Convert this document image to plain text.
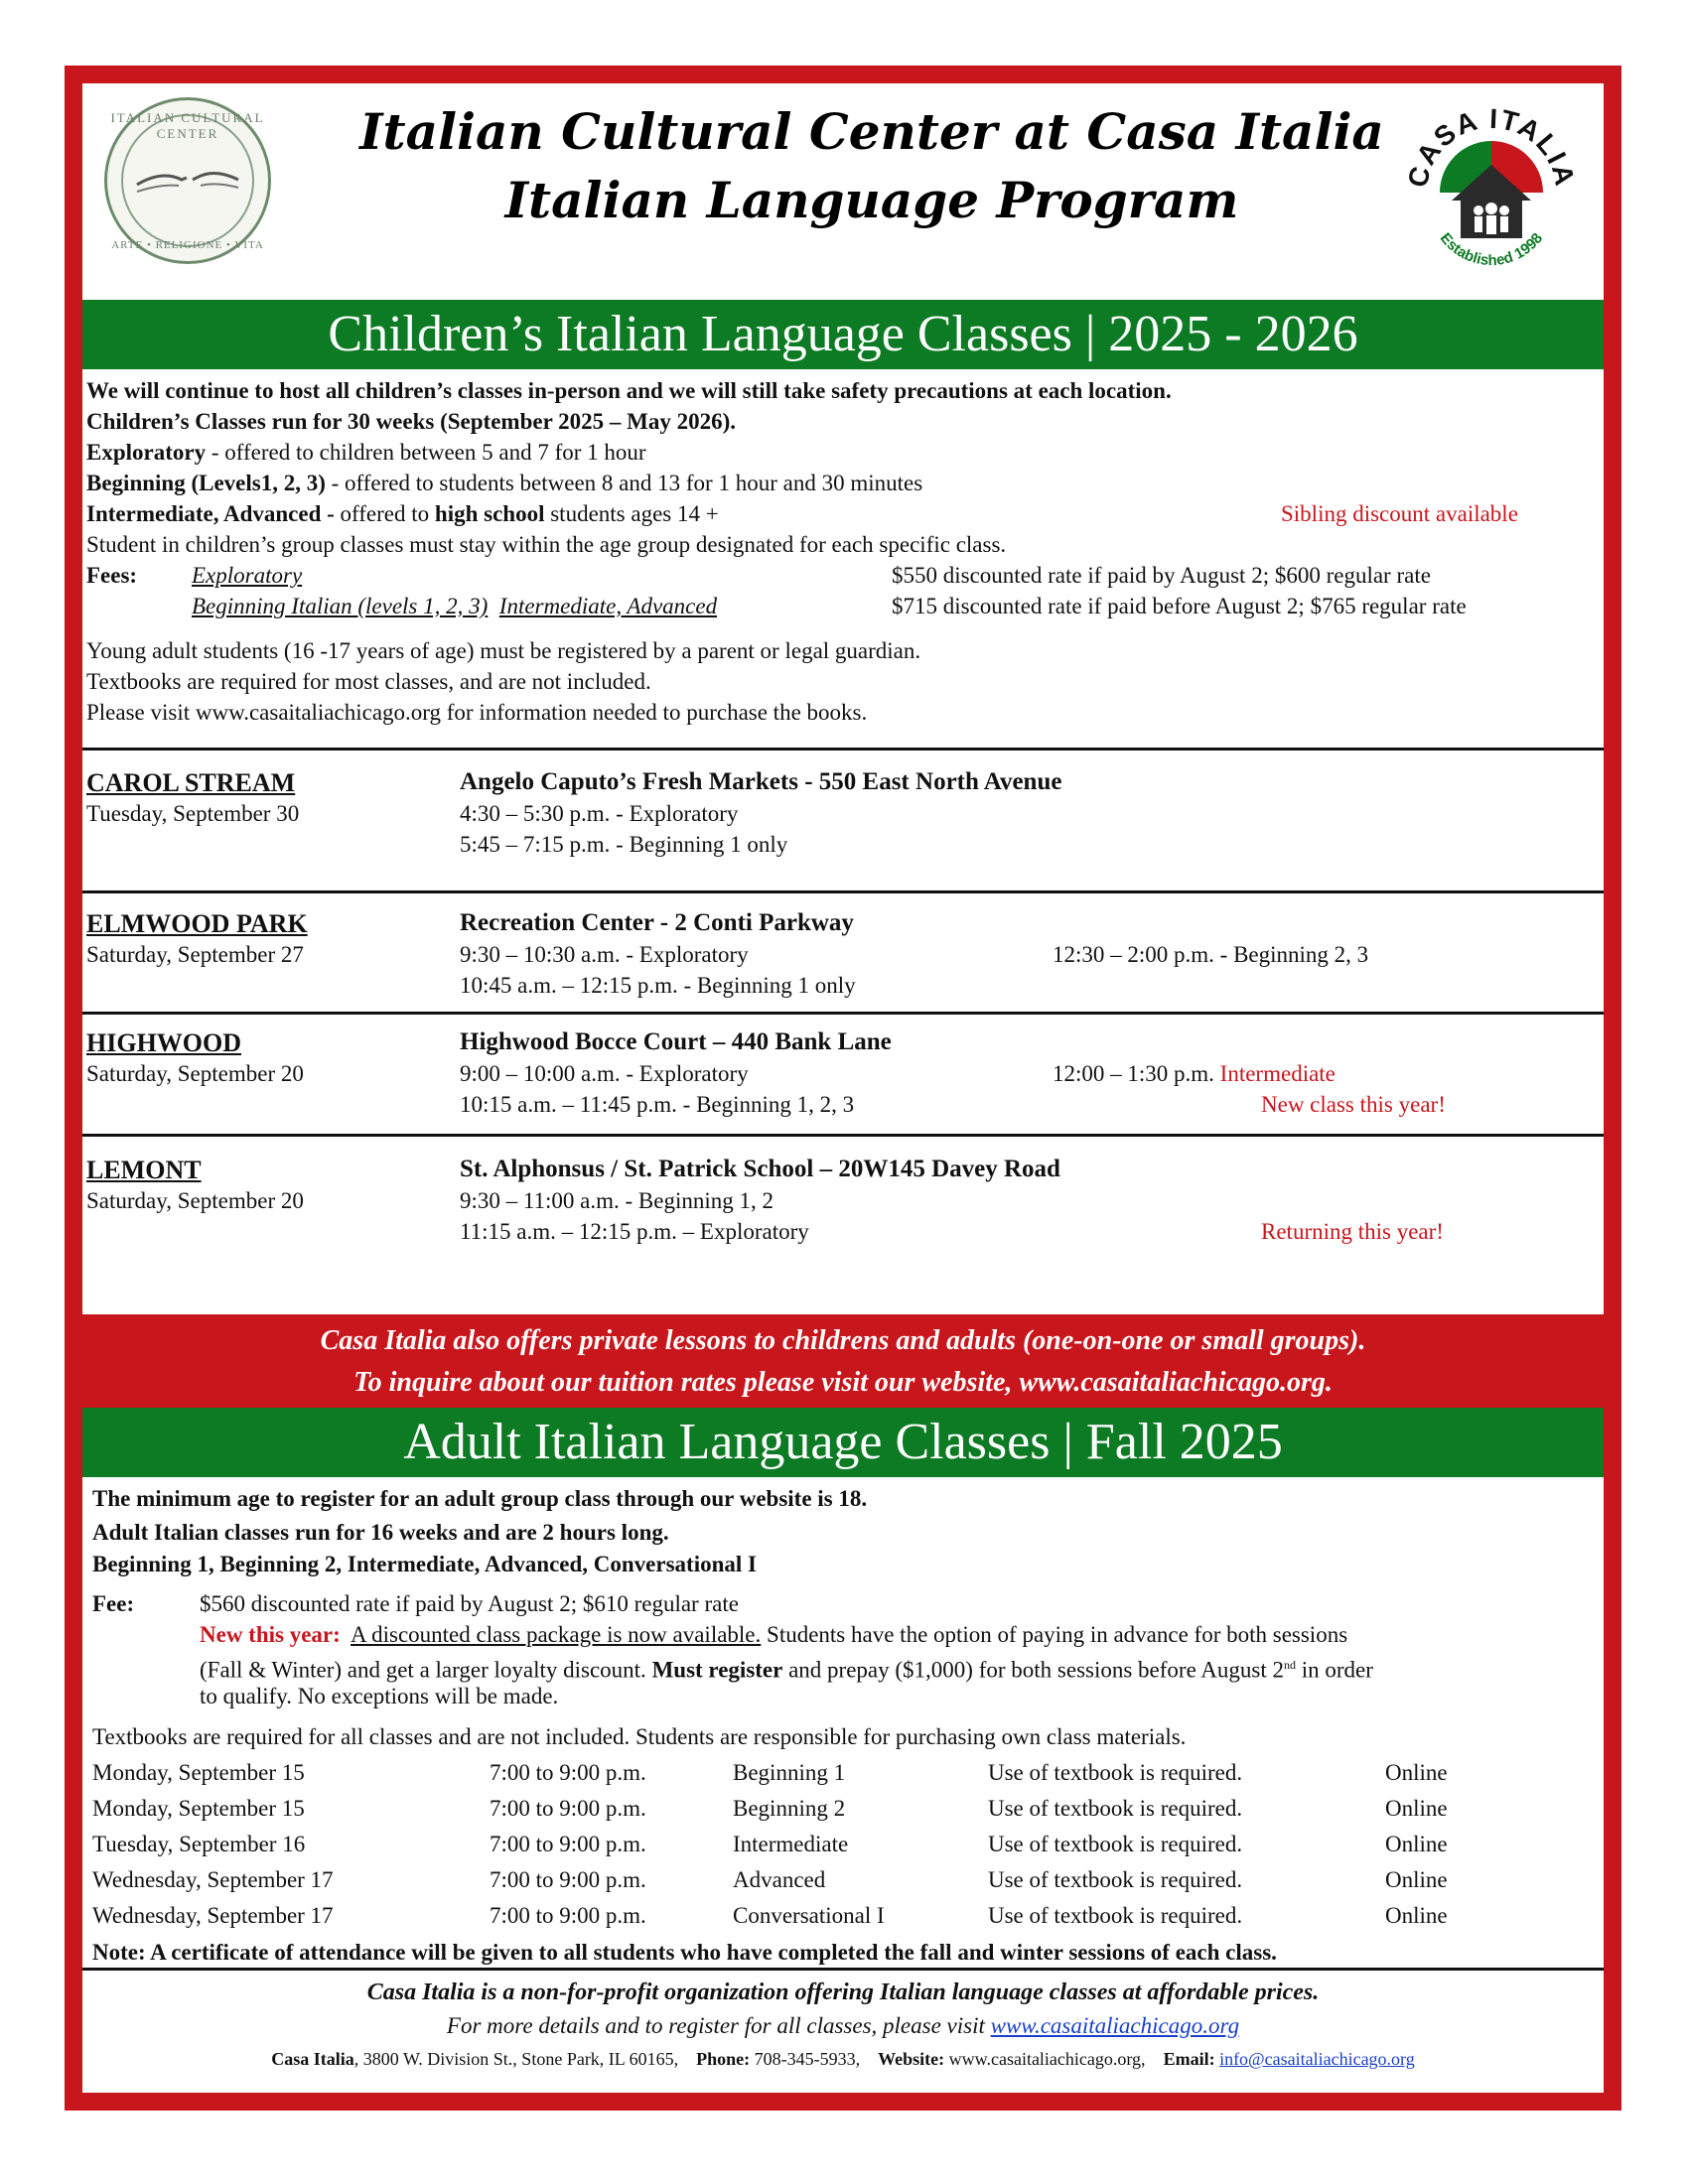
ITALIAN CULTURAL CENTER
ARTE • RELIGIONE • VITA
Italian Cultural Center at Casa Italia
Italian Language Program	CASA ITALIA
Established 1998
Children’s Italian Language Classes | 2025 - 2026
We will continue to host all children’s classes in-person and we will still take safety precautions at each location.
Children’s Classes run for 30 weeks (September 2025 – May 2026).
Exploratory - offered to children between 5 and 7 for 1 hour
Beginning (Levels1, 2, 3) - offered to students between 8 and 13 for 1 hour and 30 minutes
Intermediate, Advanced - offered to high school students ages 14 +	Sibling discount available
Student in children’s group classes must stay within the age group designated for each specific class.
Fees: Exploratory	$550 discounted rate if paid by August 2; $600 regular rate
Beginning Italian (levels 1, 2, 3) Intermediate, Advanced	$715 discounted rate if paid before August 2; $765 regular rate
Young adult students (16 -17 years of age) must be registered by a parent or legal guardian.
Textbooks are required for most classes, and are not included.
Please visit www.casaitaliachicago.org for information needed to purchase the books.
CAROL STREAM
Tuesday, September 30
Angelo Caputo’s Fresh Markets - 550 East North Avenue
4:30 – 5:30 p.m. - Exploratory
5:45 – 7:15 p.m. - Beginning 1 only
ELMWOOD PARK
Saturday, September 27
Recreation Center - 2 Conti Parkway
9:30 – 10:30 a.m. - Exploratory
10:45 a.m. – 12:15 p.m. - Beginning 1 only
12:30 – 2:00 p.m. - Beginning 2, 3
HIGHWOOD
Saturday, September 20
Highwood Bocce Court – 440 Bank Lane
9:00 – 10:00 a.m. - Exploratory
10:15 a.m. – 11:45 p.m. - Beginning 1, 2, 3
12:00 – 1:30 p.m. Intermediate
New class this year!
LEMONT
Saturday, September 20
St. Alphonsus / St. Patrick School – 20W145 Davey Road
9:30 – 11:00 a.m. - Beginning 1, 2
11:15 a.m. – 12:15 p.m. – Exploratory	Returning this year!
Casa Italia also offers private lessons to childrens and adults (one-on-one or small groups).
To inquire about our tuition rates please visit our website, www.casaitaliachicago.org.
Adult Italian Language Classes | Fall 2025
The minimum age to register for an adult group class through our website is 18.
Adult Italian classes run for 16 weeks and are 2 hours long.
Beginning 1, Beginning 2, Intermediate, Advanced, Conversational I
Fee:	$560 discounted rate if paid by August 2; $610 regular rate
New this year: A discounted class package is now available. Students have the option of paying in advance for both sessions
(Fall & Winter) and get a larger loyalty discount. Must register and prepay ($1,000) for both sessions before August 2nd in order
to qualify. No exceptions will be made.
Textbooks are required for all classes and are not included. Students are responsible for purchasing own class materials.
Monday, September 15	7:00 to 9:00 p.m.	Beginning 1	Use of textbook is required.	Online
Monday, September 15	7:00 to 9:00 p.m.	Beginning 2	Use of textbook is required.	Online
Tuesday, September 16	7:00 to 9:00 p.m.	Intermediate	Use of textbook is required.	Online
Wednesday, September 17	7:00 to 9:00 p.m.	Advanced	Use of textbook is required.	Online
Wednesday, September 17	7:00 to 9:00 p.m.	Conversational I	Use of textbook is required.	Online
Note: A certificate of attendance will be given to all students who have completed the fall and winter sessions of each class.
Casa Italia is a non-for-profit organization offering Italian language classes at affordable prices.
For more details and to register for all classes, please visit www.casaitaliachicago.org
Casa Italia, 3800 W. Division St., Stone Park, IL 60165, Phone: 708-345-5933, Website: www.casaitaliachicago.org, Email: info@casaitaliachicago.org
